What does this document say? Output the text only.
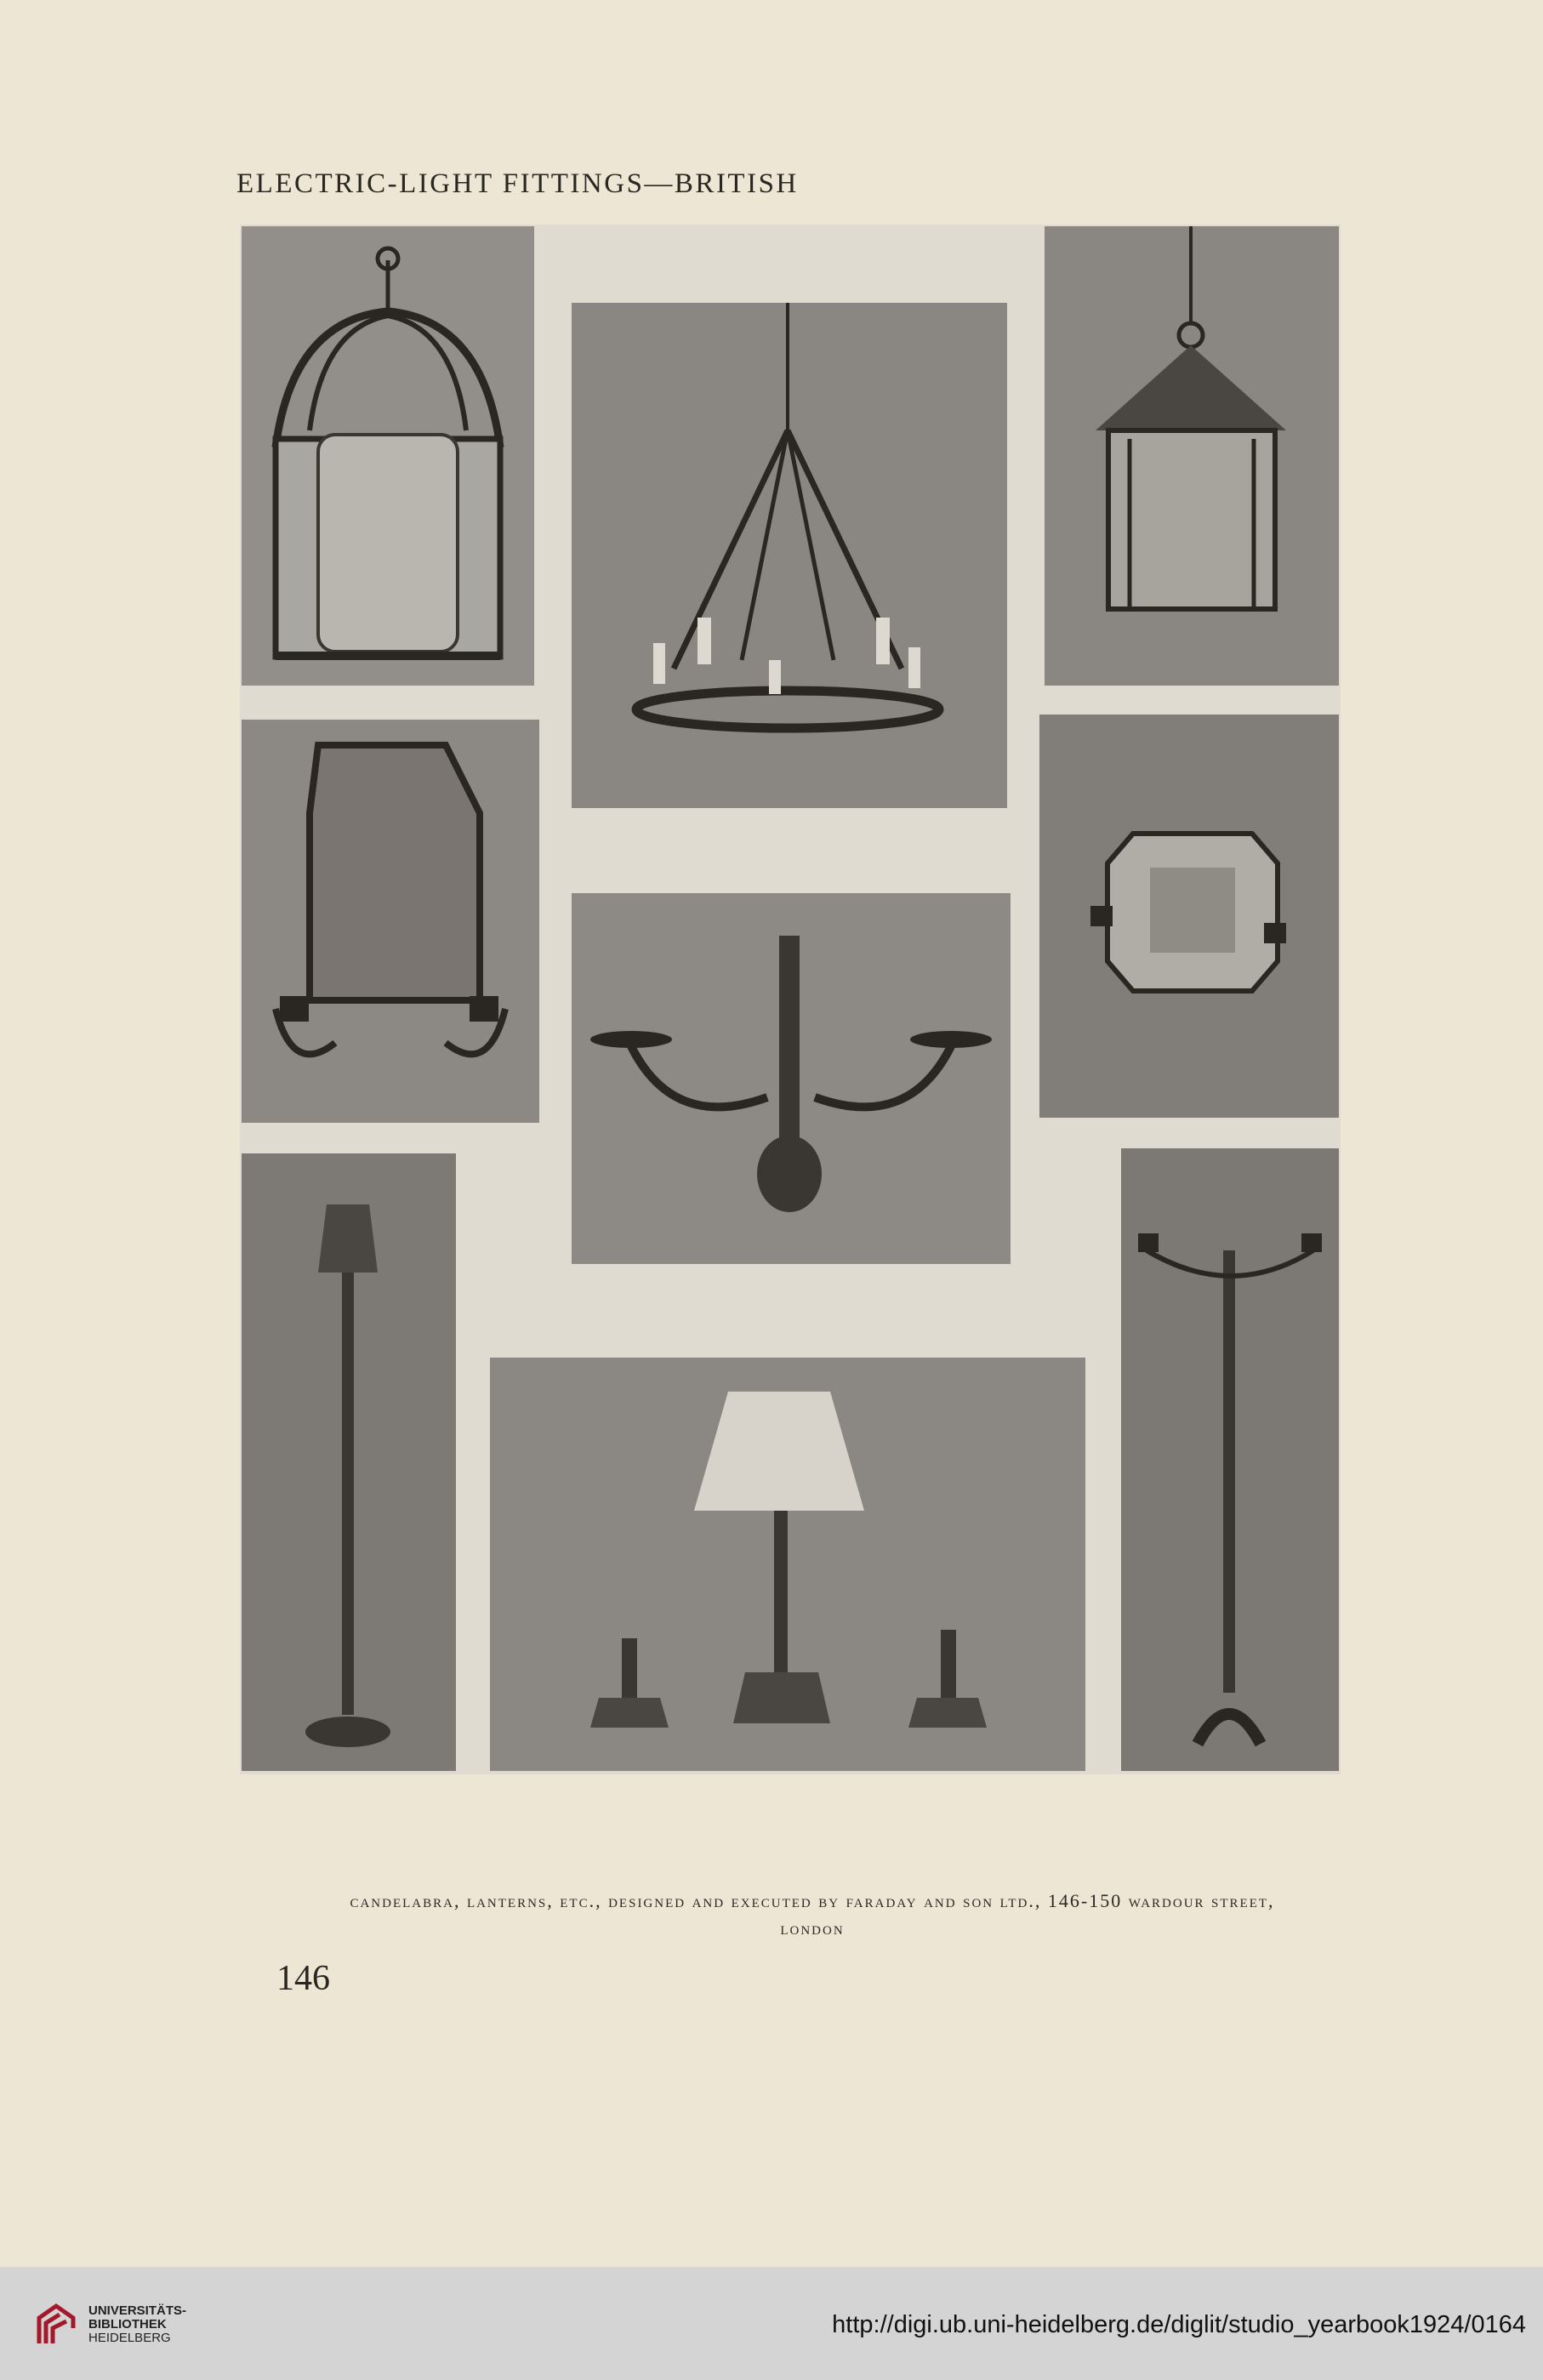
ELECTRIC-LIGHT FITTINGS—BRITISH
candelabra, lanterns, etc., designed and executed by faraday and son ltd., 146-150 wardour street,
london
146
UNIVERSITÄTS-
BIBLIOTHEK
HEIDELBERG	http://digi.ub.uni-heidelberg.de/diglit/studio_yearbook1924/0164
